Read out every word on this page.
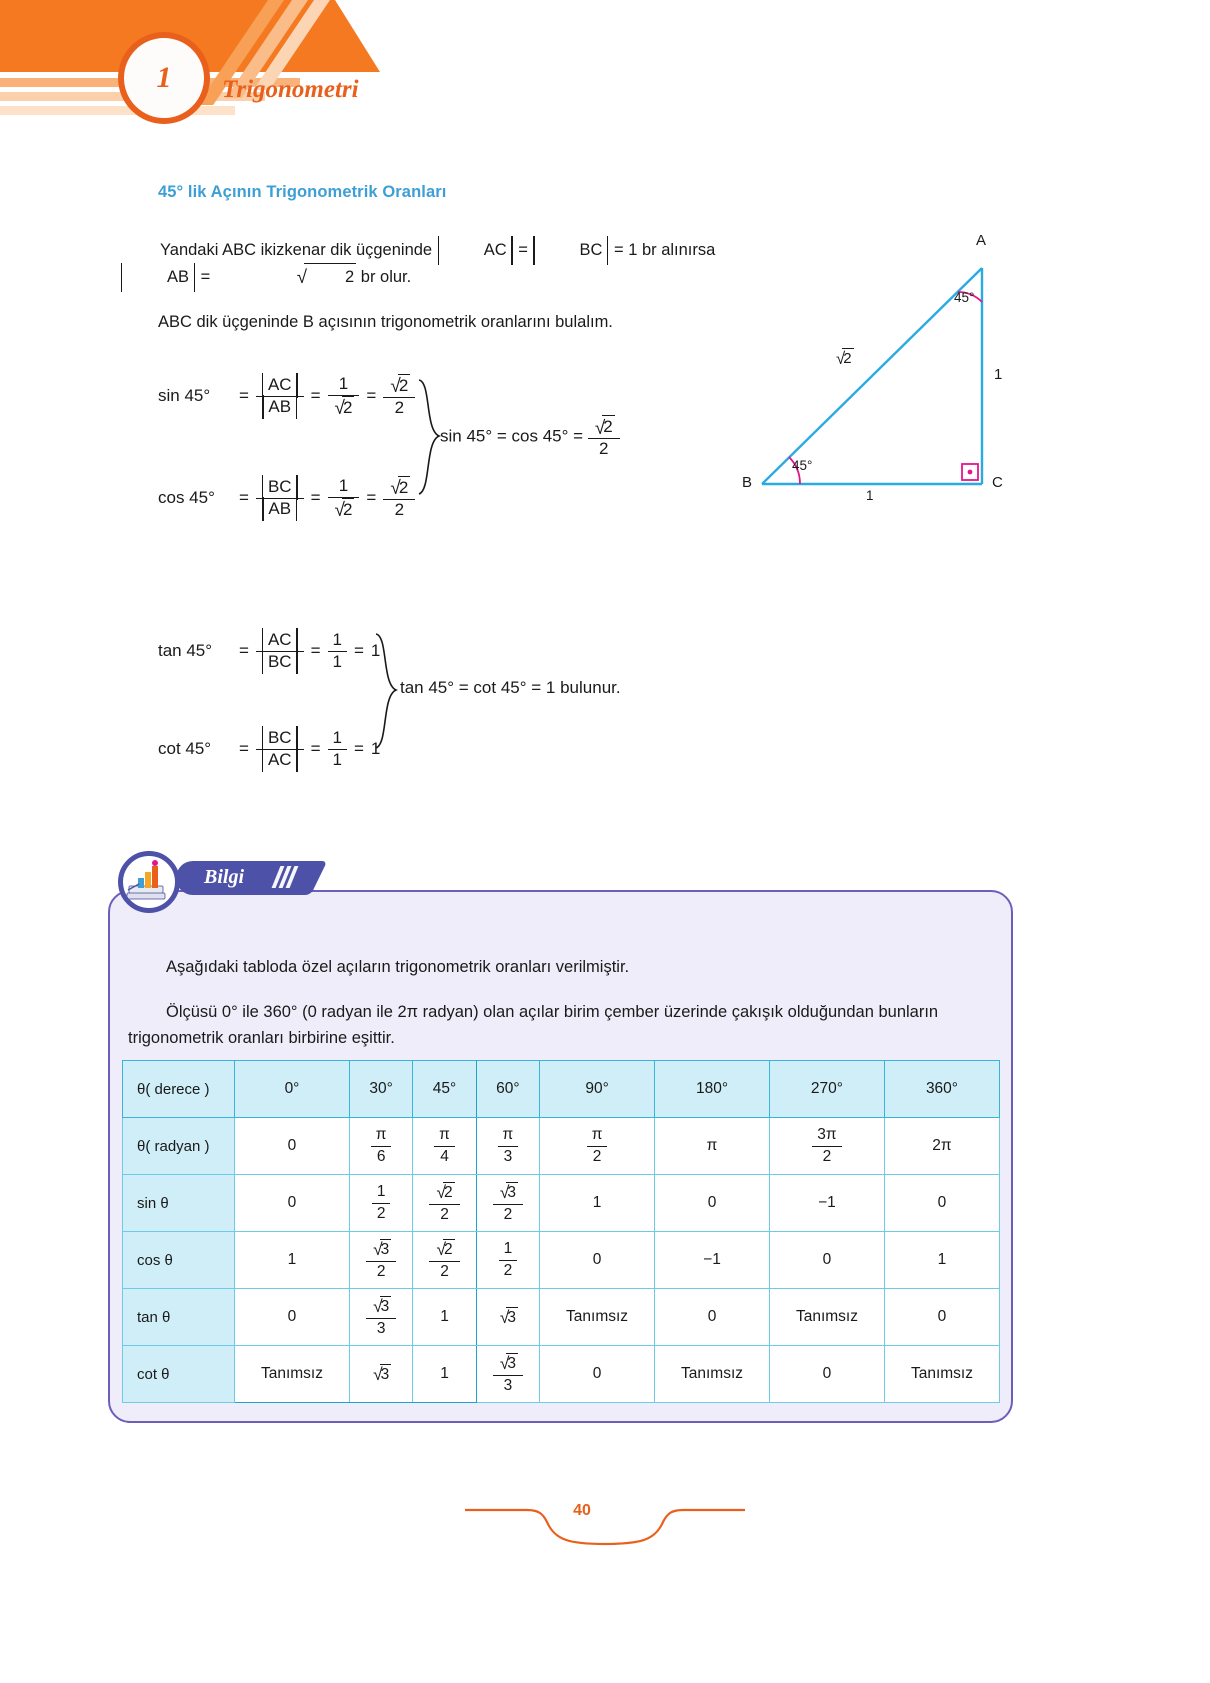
1 Trigonometri
45° lik Açının Trigonometrik Oranları
Yandaki ABC ikizkenar dik üçgeninde	AC =	BC = 1 br alınırsa AB =	√ 2 br olur.
ABC dik üçgeninde B açısının trigonometrik oranlarını bulalım.
sin 45°	= $\frac{AC}{AB} = \frac{1}{√2} = \frac{√2}{2}$
cos 45°	= $\frac{BC}{AB} = \frac{1}{√2} = \frac{√2}{2}$
$\sin 45^\circ = \cos 45^\circ = \frac{√2}{2}$
tan 45°	= $\frac{AC}{BC} = \frac{1}{1} = 1$
cot 45°	= $\frac{BC}{AC} = \frac{1}{1} = 1$
tan 45° = cot 45° = 1 bulunur.
A
B	C
45°
45°
√2
1
1
Bilgi
Aşağıdaki tabloda özel açıların trigonometrik oranları verilmiştir.
Ölçüsü 0° ile 360° (0 radyan ile 2π radyan) olan açılar birim çember üzerinde çakışık olduğundan bunların trigonometrik oranları birbirine eşittir.
θ( derece )	0°	30°	45°	60°	90°	180°	270°	360°
θ( radyan )	0	$\frac{\pi}{6}$	$\frac{\pi}{4}$	$\frac{\pi}{3}$	$\frac{\pi}{2}$	π	$\frac{3\pi}{2}$	2π
sin θ	0	$\frac{1}{2}$	$\frac{√2}{2}$	$\frac{√3}{2}$	1	0	−1	0
cos θ	1	$\frac{√3}{2}$	$\frac{√2}{2}$	$\frac{1}{2}$	0	−1	0	1
tan θ	0	$\frac{√3}{3}$	1	√3	Tanımsız	0	Tanımsız	0
cot θ	Tanımsız	√3	1	$\frac{√3}{3}$	0	Tanımsız	0	Tanımsız
40
